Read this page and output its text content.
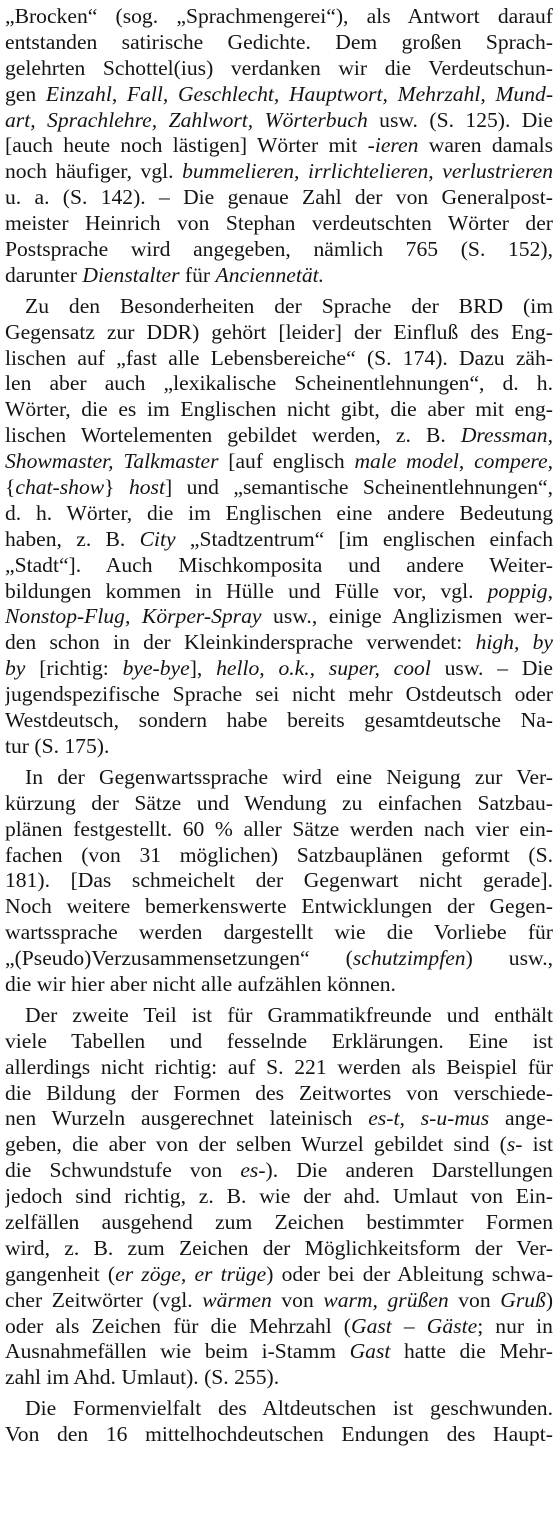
„Brocken“ (sog. „Sprachmengerei“), als Antwort darauf
entstanden satirische Gedichte. Dem großen Sprach-
gelehrten Schottel(ius) verdanken wir die Verdeutschun-
gen Einzahl, Fall, Geschlecht, Hauptwort, Mehrzahl, Mund-
art, Sprachlehre, Zahlwort, Wörterbuch usw. (S. 125). Die
[auch heute noch lästigen] Wörter mit -ieren waren damals
noch häufiger, vgl. bummelieren, irrlichtelieren, verlustrieren
u. a. (S. 142). – Die genaue Zahl der von Generalpost-
meister Heinrich von Stephan verdeutschten Wörter der
Postsprache wird angegeben, nämlich 765 (S. 152),
darunter Dienstalter für Anciennetät.

Zu den Besonderheiten der Sprache der BRD (im
Gegensatz zur DDR) gehört [leider] der Einfluß des Eng-
lischen auf „fast alle Lebensbereiche“ (S. 174). Dazu zäh-
len aber auch „lexikalische Scheinentlehnungen“, d. h.
Wörter, die es im Englischen nicht gibt, die aber mit eng-
lischen Wortelementen gebildet werden, z. B. Dressman,
Showmaster, Talkmaster [auf englisch male model, compere,
{chat-show} host] und „semantische Scheinentlehnungen“,
d. h. Wörter, die im Englischen eine andere Bedeutung
haben, z. B. City „Stadtzentrum“ [im englischen einfach
„Stadt“]. Auch Mischkomposita und andere Weiter-
bildungen kommen in Hülle und Fülle vor, vgl. poppig,
Nonstop-Flug, Körper-Spray usw., einige Anglizismen wer-
den schon in der Kleinkindersprache verwendet: high, by
by [richtig: bye-bye], hello, o.k., super, cool usw. – Die
jugendspezifische Sprache sei nicht mehr Ostdeutsch oder
Westdeutsch, sondern habe bereits gesamtdeutsche Na-
tur (S. 175).

In der Gegenwartssprache wird eine Neigung zur Ver-
kürzung der Sätze und Wendung zu einfachen Satzbau-
plänen festgestellt. 60 % aller Sätze werden nach vier ein-
fachen (von 31 möglichen) Satzbauplänen geformt (S.
181). [Das schmeichelt der Gegenwart nicht gerade].
Noch weitere bemerkenswerte Entwicklungen der Gegen-
wartssprache werden dargestellt wie die Vorliebe für
„(Pseudo)Verzusammensetzungen“ (schutzimpfen) usw.,
die wir hier aber nicht alle aufzählen können.

Der zweite Teil ist für Grammatikfreunde und enthält
viele Tabellen und fesselnde Erklärungen. Eine ist
allerdings nicht richtig: auf S. 221 werden als Beispiel für
die Bildung der Formen des Zeitwortes von verschiede-
nen Wurzeln ausgerechnet lateinisch es-t, s-u-mus ange-
geben, die aber von der selben Wurzel gebildet sind (s- ist
die Schwundstufe von es-). Die anderen Darstellungen
jedoch sind richtig, z. B. wie der ahd. Umlaut von Ein-
zelfällen ausgehend zum Zeichen bestimmter Formen
wird, z. B. zum Zeichen der Möglichkeitsform der Ver-
gangenheit (er zöge, er trüge) oder bei der Ableitung schwa-
cher Zeitwörter (vgl. wärmen von warm, grüßen von Gruß)
oder als Zeichen für die Mehrzahl (Gast – Gäste; nur in
Ausnahmefällen wie beim i-Stamm Gast hatte die Mehr-
zahl im Ahd. Umlaut). (S. 255).

Die Formenvielfalt des Altdeutschen ist geschwunden.
Von den 16 mittelhochdeutschen Endungen des Haupt-
